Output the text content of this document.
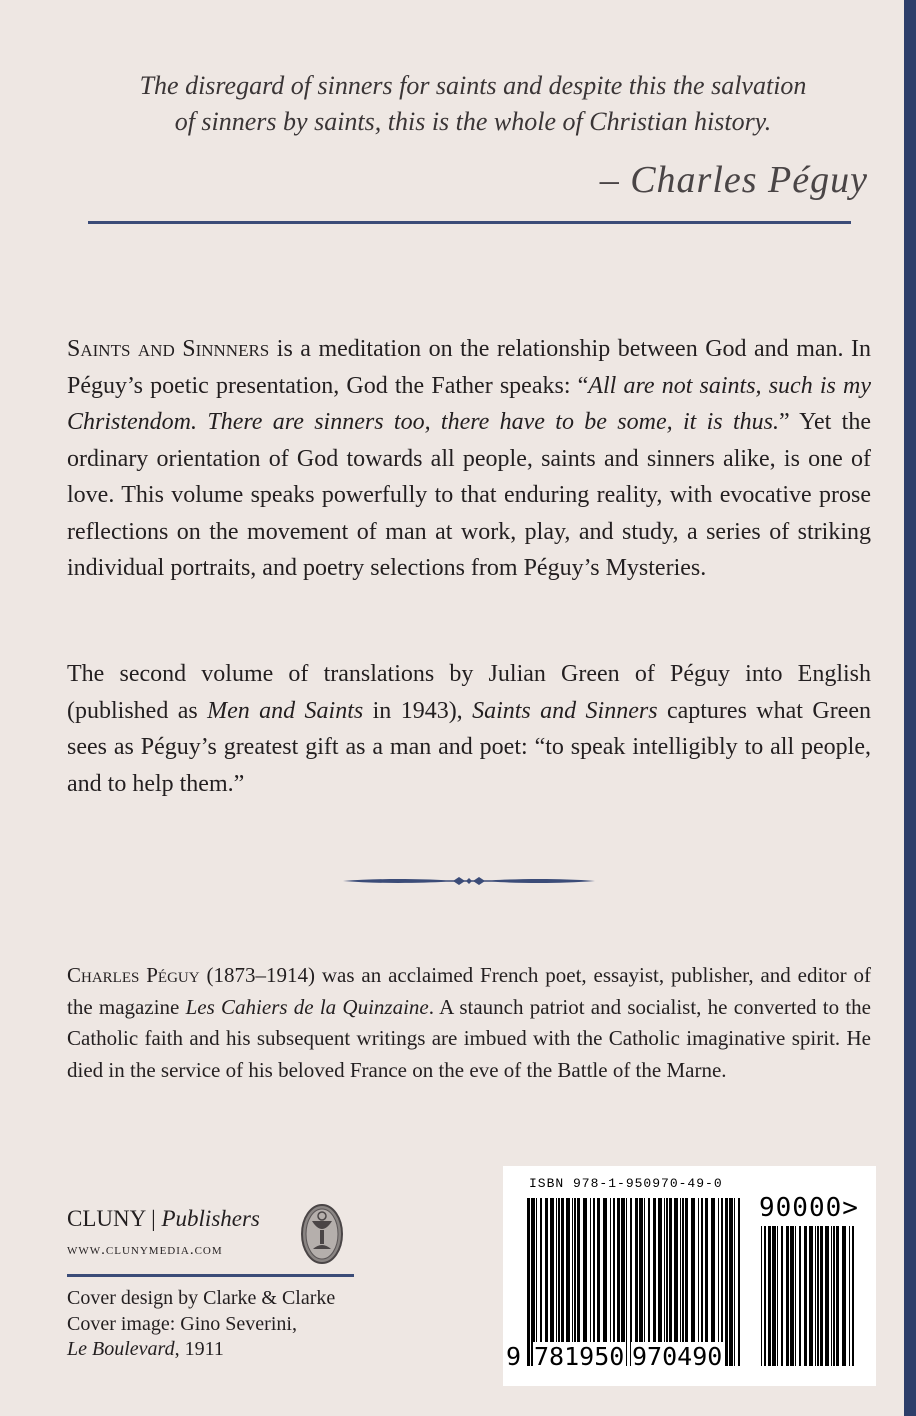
The disregard of sinners for saints and despite this the salvation
of sinners by saints, this is the whole of Christian history.
– Charles Péguy

Saints and Sinnners is a meditation on the relationship between God and man. In Péguy’s poetic presentation, God the Father speaks: “All are not saints, such is my Christendom. There are sinners too, there have to be some, it is thus.” Yet the ordinary orientation of God towards all people, saints and sinners alike, is one of love. This volume speaks powerfully to that enduring reality, with evocative prose reflections on the movement of man at work, play, and study, a series of striking individual portraits, and poetry selections from Péguy’s Mysteries.

The second volume of translations by Julian Green of Péguy into English (published as Men and Saints in 1943), Saints and Sinners captures what Green sees as Péguy’s greatest gift as a man and poet: “to speak intelligibly to all people, and to help them.”

Charles Péguy (1873–1914) was an acclaimed French poet, essayist, publisher, and editor of the magazine Les Cahiers de la Quinzaine. A staunch patriot and socialist, he converted to the Catholic faith and his subsequent writings are imbued with the Catholic imaginative spirit. He died in the service of his beloved France on the eve of the Battle of the Marne.

CLUNY | Publishers
www.clunymedia.com
Cover design by Clarke & Clarke
Cover image: Gino Severini,
Le Boulevard, 1911
ISBN 978-1-950970-49-0
90000>
9 781950 970490
